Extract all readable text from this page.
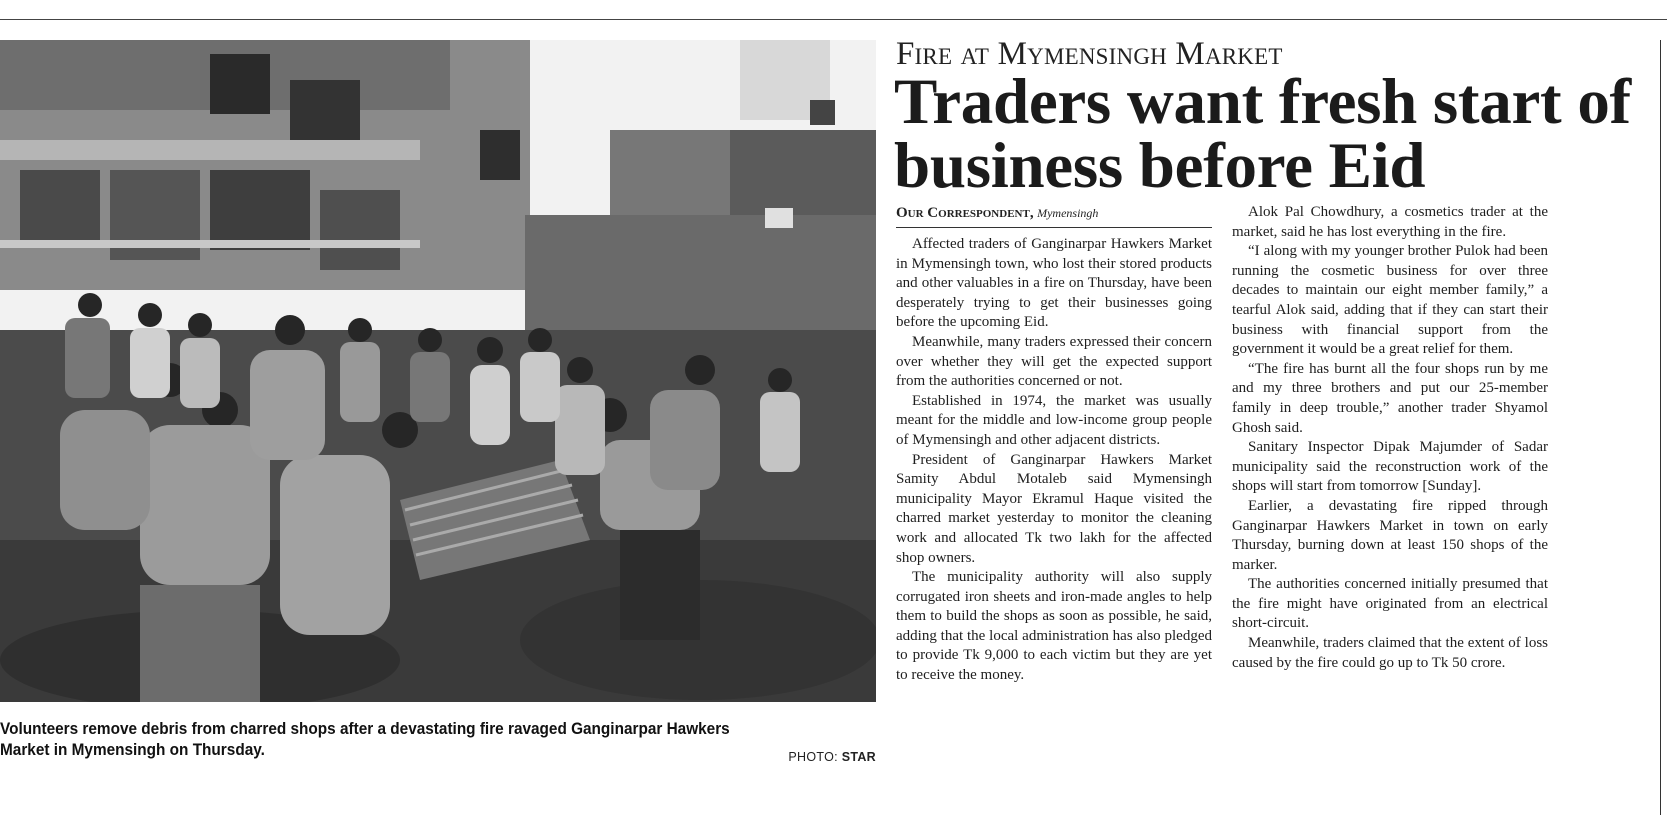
Volunteers remove debris from charred shops after a devastating fire ravaged Ganginarpar Hawkers Market in Mymensingh on Thursday.	PHOTO: STAR
Fire at Mymensingh Market
Traders want fresh start of business before Eid
Our Correspondent, Mymensingh

Affected traders of Ganginarpar Hawkers Market in Mymensingh town, who lost their stored products and other valuables in a fire on Thursday, have been desperately trying to get their businesses going before the upcoming Eid.

Meanwhile, many traders expressed their concern over whether they will get the expected support from the authorities concerned or not.

Established in 1974, the market was usually meant for the middle and low-income group people of Mymensingh and other adjacent districts.

President of Ganginarpar Hawkers Market Samity Abdul Motaleb said Mymensingh municipality Mayor Ekramul Haque visited the charred market yesterday to monitor the cleaning work and allocated Tk two lakh for the affected shop owners.

The municipality authority will also supply corrugated iron sheets and iron-made angles to help them to build the shops as soon as possible, he said, adding that the local administration has also pledged to provide Tk 9,000 to each victim but they are yet to receive the money.

Alok Pal Chowdhury, a cosmetics trader at the market, said he has lost everything in the fire.

“I along with my younger brother Pulok had been running the cosmetic business for over three decades to maintain our eight member family,” a tearful Alok said, adding that if they can start their business with financial support from the government it would be a great relief for them.

“The fire has burnt all the four shops run by me and my three brothers and put our 25-member family in deep trouble,” another trader Shyamol Ghosh said.

Sanitary Inspector Dipak Majumder of Sadar municipality said the reconstruction work of the shops will start from tomorrow [Sunday].

Earlier, a devastating fire ripped through Ganginarpar Hawkers Market in town on early Thursday, burning down at least 150 shops of the marker.

The authorities concerned initially presumed that the fire might have originated from an electrical short-circuit.

Meanwhile, traders claimed that the extent of loss caused by the fire could go up to Tk 50 crore.
